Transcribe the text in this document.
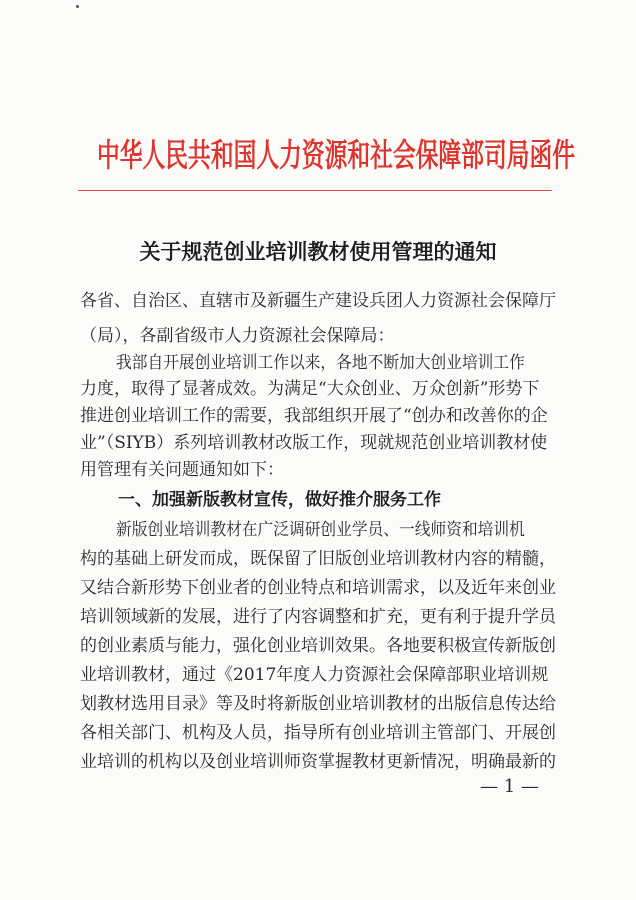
中华人民共和国人力资源和社会保障部司局函件
关于规范创业培训教材使用管理的通知
各省、自治区、直辖市及新疆生产建设兵团人力资源社会保障厅
（局），各副省级市人力资源社会保障局：
我部自开展创业培训工作以来，各地不断加大创业培训工作
力度，取得了显著成效。为满足“大众创业、万众创新”形势下
推进创业培训工作的需要，我部组织开展了“创办和改善你的企
业”（SIYB）系列培训教材改版工作，现就规范创业培训教材使
用管理有关问题通知如下：
一、加强新版教材宣传，做好推介服务工作
新版创业培训教材在广泛调研创业学员、一线师资和培训机
构的基础上研发而成，既保留了旧版创业培训教材内容的精髓，
又结合新形势下创业者的创业特点和培训需求，以及近年来创业
培训领域新的发展，进行了内容调整和扩充，更有利于提升学员
的创业素质与能力，强化创业培训效果。各地要积极宣传新版创
业培训教材，通过《2017年度人力资源社会保障部职业培训规
划教材选用目录》等及时将新版创业培训教材的出版信息传达给
各相关部门、机构及人员，指导所有创业培训主管部门、开展创
业培训的机构以及创业培训师资掌握教材更新情况，明确最新的
— 1 —
